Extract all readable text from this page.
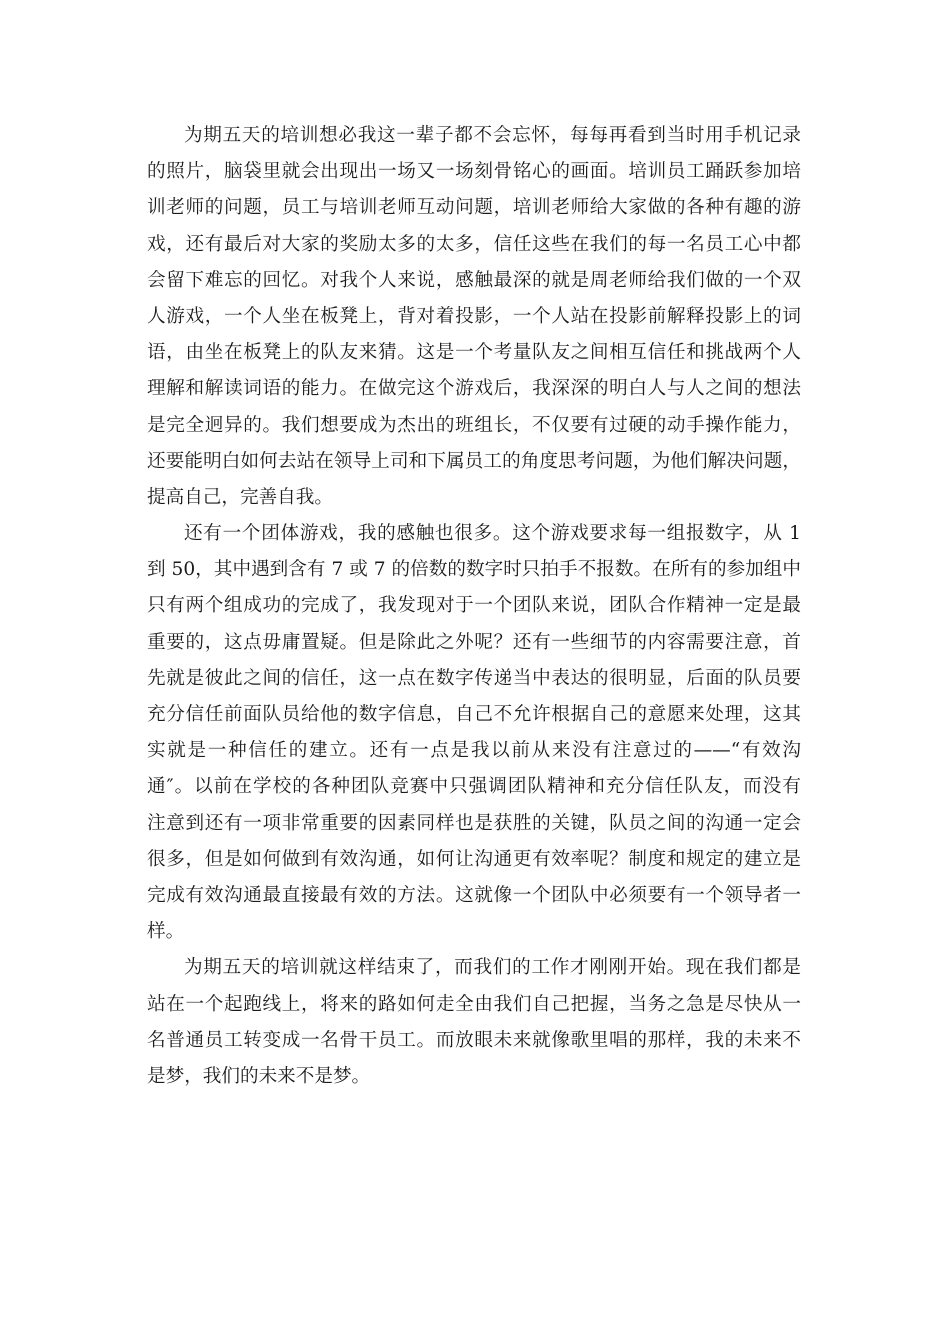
为期五天的培训想必我这一辈子都不会忘怀，每每再看到当时用手机记录
的照片，脑袋里就会出现出一场又一场刻骨铭心的画面。培训员工踊跃参加培
训老师的问题，员工与培训老师互动问题，培训老师给大家做的各种有趣的游
戏，还有最后对大家的奖励太多的太多，信任这些在我们的每一名员工心中都
会留下难忘的回忆。对我个人来说，感触最深的就是周老师给我们做的一个双
人游戏，一个人坐在板凳上，背对着投影，一个人站在投影前解释投影上的词
语，由坐在板凳上的队友来猜。这是一个考量队友之间相互信任和挑战两个人
理解和解读词语的能力。在做完这个游戏后，我深深的明白人与人之间的想法
是完全迥异的。我们想要成为杰出的班组长，不仅要有过硬的动手操作能力，
还要能明白如何去站在领导上司和下属员工的角度思考问题，为他们解决问题，
提高自己，完善自我。
还有一个团体游戏，我的感触也很多。这个游戏要求每一组报数字，从 1
到 50，其中遇到含有 7 或 7 的倍数的数字时只拍手不报数。在所有的参加组中
只有两个组成功的完成了，我发现对于一个团队来说，团队合作精神一定是最
重要的，这点毋庸置疑。但是除此之外呢？还有一些细节的内容需要注意，首
先就是彼此之间的信任，这一点在数字传递当中表达的很明显，后面的队员要
充分信任前面队员给他的数字信息，自己不允许根据自己的意愿来处理，这其
实就是一种信任的建立。还有一点是我以前从来没有注意过的——“有效沟
通″。以前在学校的各种团队竞赛中只强调团队精神和充分信任队友，而没有
注意到还有一项非常重要的因素同样也是获胜的关键，队员之间的沟通一定会
很多，但是如何做到有效沟通，如何让沟通更有效率呢？制度和规定的建立是
完成有效沟通最直接最有效的方法。这就像一个团队中必须要有一个领导者一
样。
为期五天的培训就这样结束了，而我们的工作才刚刚开始。现在我们都是
站在一个起跑线上，将来的路如何走全由我们自己把握，当务之急是尽快从一
名普通员工转变成一名骨干员工。而放眼未来就像歌里唱的那样，我的未来不
是梦，我们的未来不是梦。
